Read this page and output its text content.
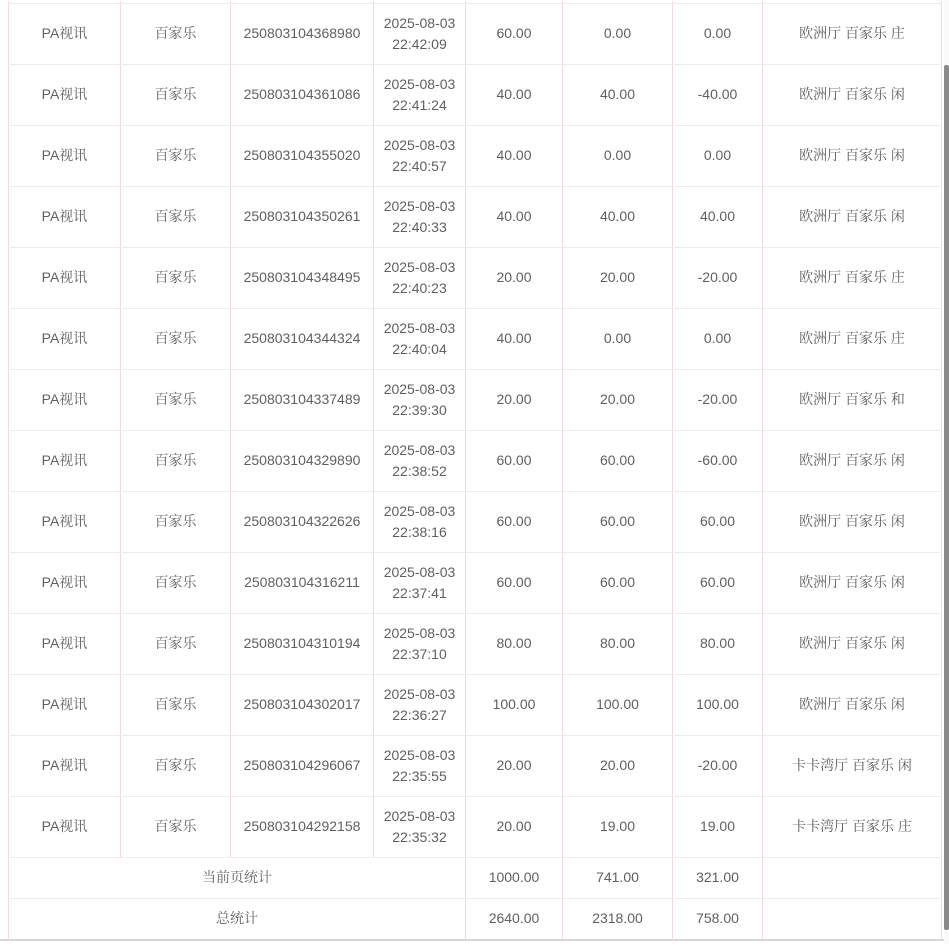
PA视讯	百家乐	250803104368980	2025-08-03 22:42:09	60.00	0.00	0.00	欧洲厅 百家乐 庄
PA视讯	百家乐	250803104361086	2025-08-03 22:41:24	40.00	40.00	-40.00	欧洲厅 百家乐 闲
PA视讯	百家乐	250803104355020	2025-08-03 22:40:57	40.00	0.00	0.00	欧洲厅 百家乐 闲
PA视讯	百家乐	250803104350261	2025-08-03 22:40:33	40.00	40.00	40.00	欧洲厅 百家乐 闲
PA视讯	百家乐	250803104348495	2025-08-03 22:40:23	20.00	20.00	-20.00	欧洲厅 百家乐 庄
PA视讯	百家乐	250803104344324	2025-08-03 22:40:04	40.00	0.00	0.00	欧洲厅 百家乐 庄
PA视讯	百家乐	250803104337489	2025-08-03 22:39:30	20.00	20.00	-20.00	欧洲厅 百家乐 和
PA视讯	百家乐	250803104329890	2025-08-03 22:38:52	60.00	60.00	-60.00	欧洲厅 百家乐 闲
PA视讯	百家乐	250803104322626	2025-08-03 22:38:16	60.00	60.00	60.00	欧洲厅 百家乐 闲
PA视讯	百家乐	250803104316211	2025-08-03 22:37:41	60.00	60.00	60.00	欧洲厅 百家乐 闲
PA视讯	百家乐	250803104310194	2025-08-03 22:37:10	80.00	80.00	80.00	欧洲厅 百家乐 闲
PA视讯	百家乐	250803104302017	2025-08-03 22:36:27	100.00	100.00	100.00	欧洲厅 百家乐 闲
PA视讯	百家乐	250803104296067	2025-08-03 22:35:55	20.00	20.00	-20.00	卡卡湾厅 百家乐 闲
PA视讯	百家乐	250803104292158	2025-08-03 22:35:32	20.00	19.00	19.00	卡卡湾厅 百家乐 庄
当前页统计				1000.00	741.00	321.00	
总统计				2640.00	2318.00	758.00	
